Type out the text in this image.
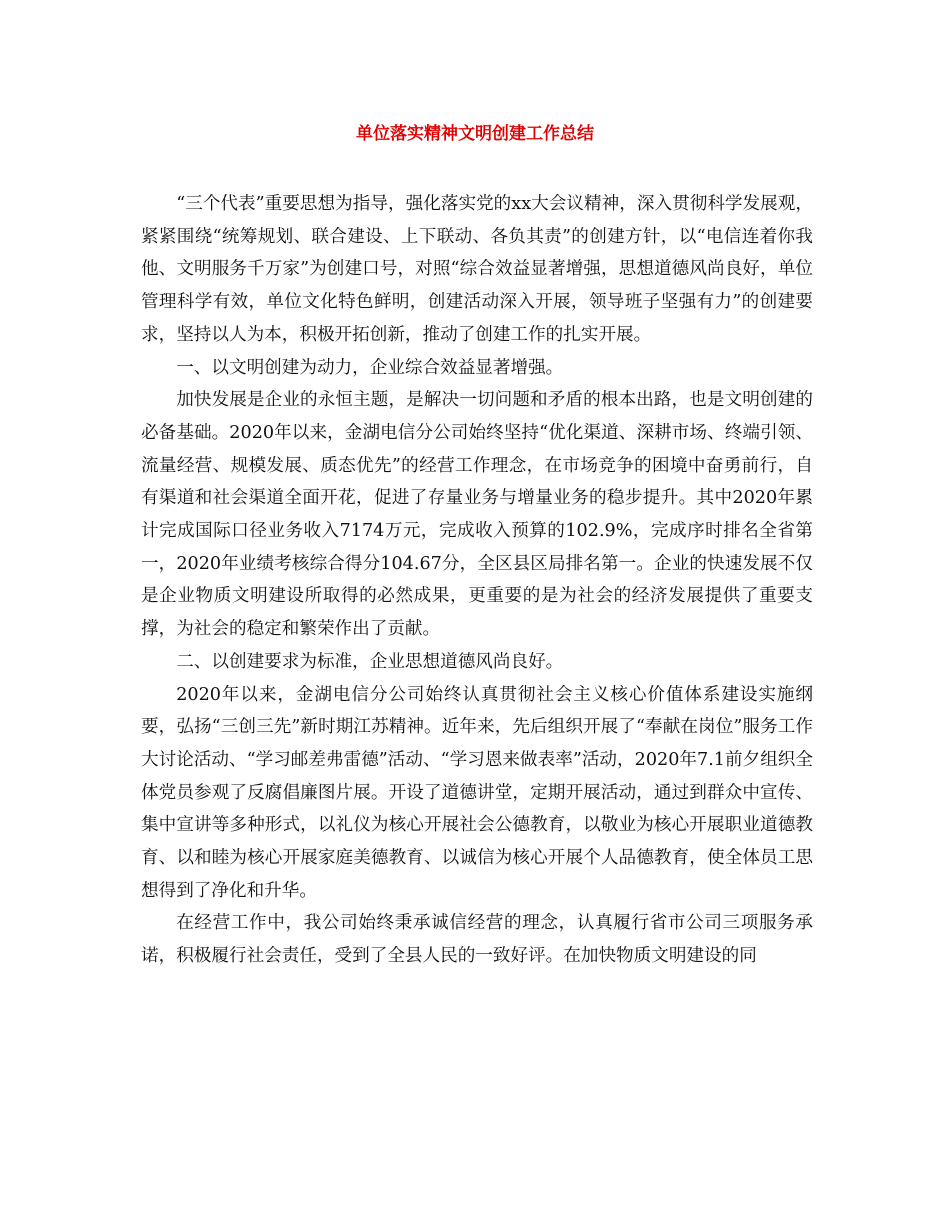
单位落实精神文明创建工作总结

“三个代表”重要思想为指导，强化落实党的xx大会议精神，深入贯彻科学发展观，紧紧围绕“统筹规划、联合建设、上下联动、各负其责”的创建方针，以“电信连着你我他、文明服务千万家”为创建口号，对照“综合效益显著增强，思想道德风尚良好，单位管理科学有效，单位文化特色鲜明，创建活动深入开展，领导班子坚强有力”的创建要求，坚持以人为本，积极开拓创新，推动了创建工作的扎实开展。

一、以文明创建为动力，企业综合效益显著增强。

加快发展是企业的永恒主题，是解决一切问题和矛盾的根本出路，也是文明创建的必备基础。2020年以来，金湖电信分公司始终坚持“优化渠道、深耕市场、终端引领、流量经营、规模发展、质态优先”的经营工作理念，在市场竞争的困境中奋勇前行，自有渠道和社会渠道全面开花，促进了存量业务与增量业务的稳步提升。其中2020年累计完成国际口径业务收入7174万元，完成收入预算的102.9%，完成序时排名全省第一，2020年业绩考核综合得分104.67分，全区县区局排名第一。企业的快速发展不仅是企业物质文明建设所取得的必然成果，更重要的是为社会的经济发展提供了重要支撑，为社会的稳定和繁荣作出了贡献。

二、以创建要求为标准，企业思想道德风尚良好。

2020年以来，金湖电信分公司始终认真贯彻社会主义核心价值体系建设实施纲要，弘扬“三创三先”新时期江苏精神。近年来，先后组织开展了“奉献在岗位”服务工作大讨论活动、“学习邮差弗雷德”活动、“学习恩来做表率”活动，2020年7.1前夕组织全体党员参观了反腐倡廉图片展。开设了道德讲堂，定期开展活动，通过到群众中宣传、集中宣讲等多种形式，以礼仪为核心开展社会公德教育，以敬业为核心开展职业道德教育、以和睦为核心开展家庭美德教育、以诚信为核心开展个人品德教育，使全体员工思想得到了净化和升华。

在经营工作中，我公司始终秉承诚信经营的理念，认真履行省市公司三项服务承诺，积极履行社会责任，受到了全县人民的一致好评。在加快物质文明建设的同
